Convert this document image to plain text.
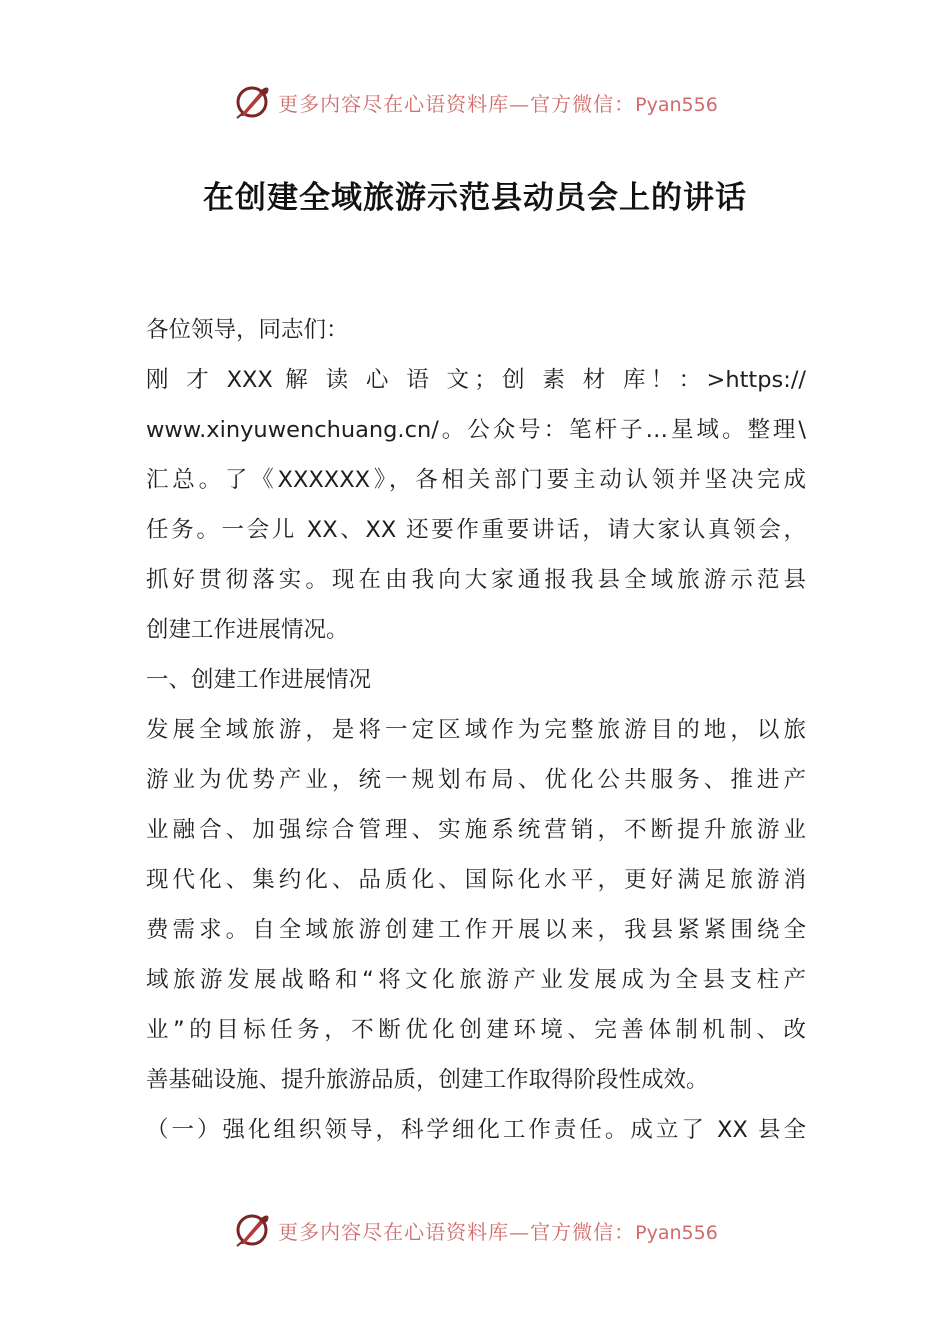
更多内容尽在心语资料库—官方微信：Pyan556
在创建全域旅游示范县动员会上的讲话
各位领导，同志们：
刚 才 XXX 解 读 心 语 文；创 素 材 库！：>https://
www.xinyuwenchuang.cn/。公众号：笔杆子…星域。整理\
汇总。了《XXXXXX》，各相关部门要主动认领并坚决完成
任务。一会儿 XX、XX 还要作重要讲话，请大家认真领会，
抓好贯彻落实。现在由我向大家通报我县全域旅游示范县
创建工作进展情况。
一、创建工作进展情况
发展全域旅游，是将一定区域作为完整旅游目的地，以旅
游业为优势产业，统一规划布局、优化公共服务、推进产
业融合、加强综合管理、实施系统营销，不断提升旅游业
现代化、集约化、品质化、国际化水平，更好满足旅游消
费需求。自全域旅游创建工作开展以来，我县紧紧围绕全
域旅游发展战略和“将文化旅游产业发展成为全县支柱产
业”的目标任务，不断优化创建环境、完善体制机制、改
善基础设施、提升旅游品质，创建工作取得阶段性成效。
（一）强化组织领导，科学细化工作责任。成立了 XX 县全
更多内容尽在心语资料库—官方微信：Pyan556
